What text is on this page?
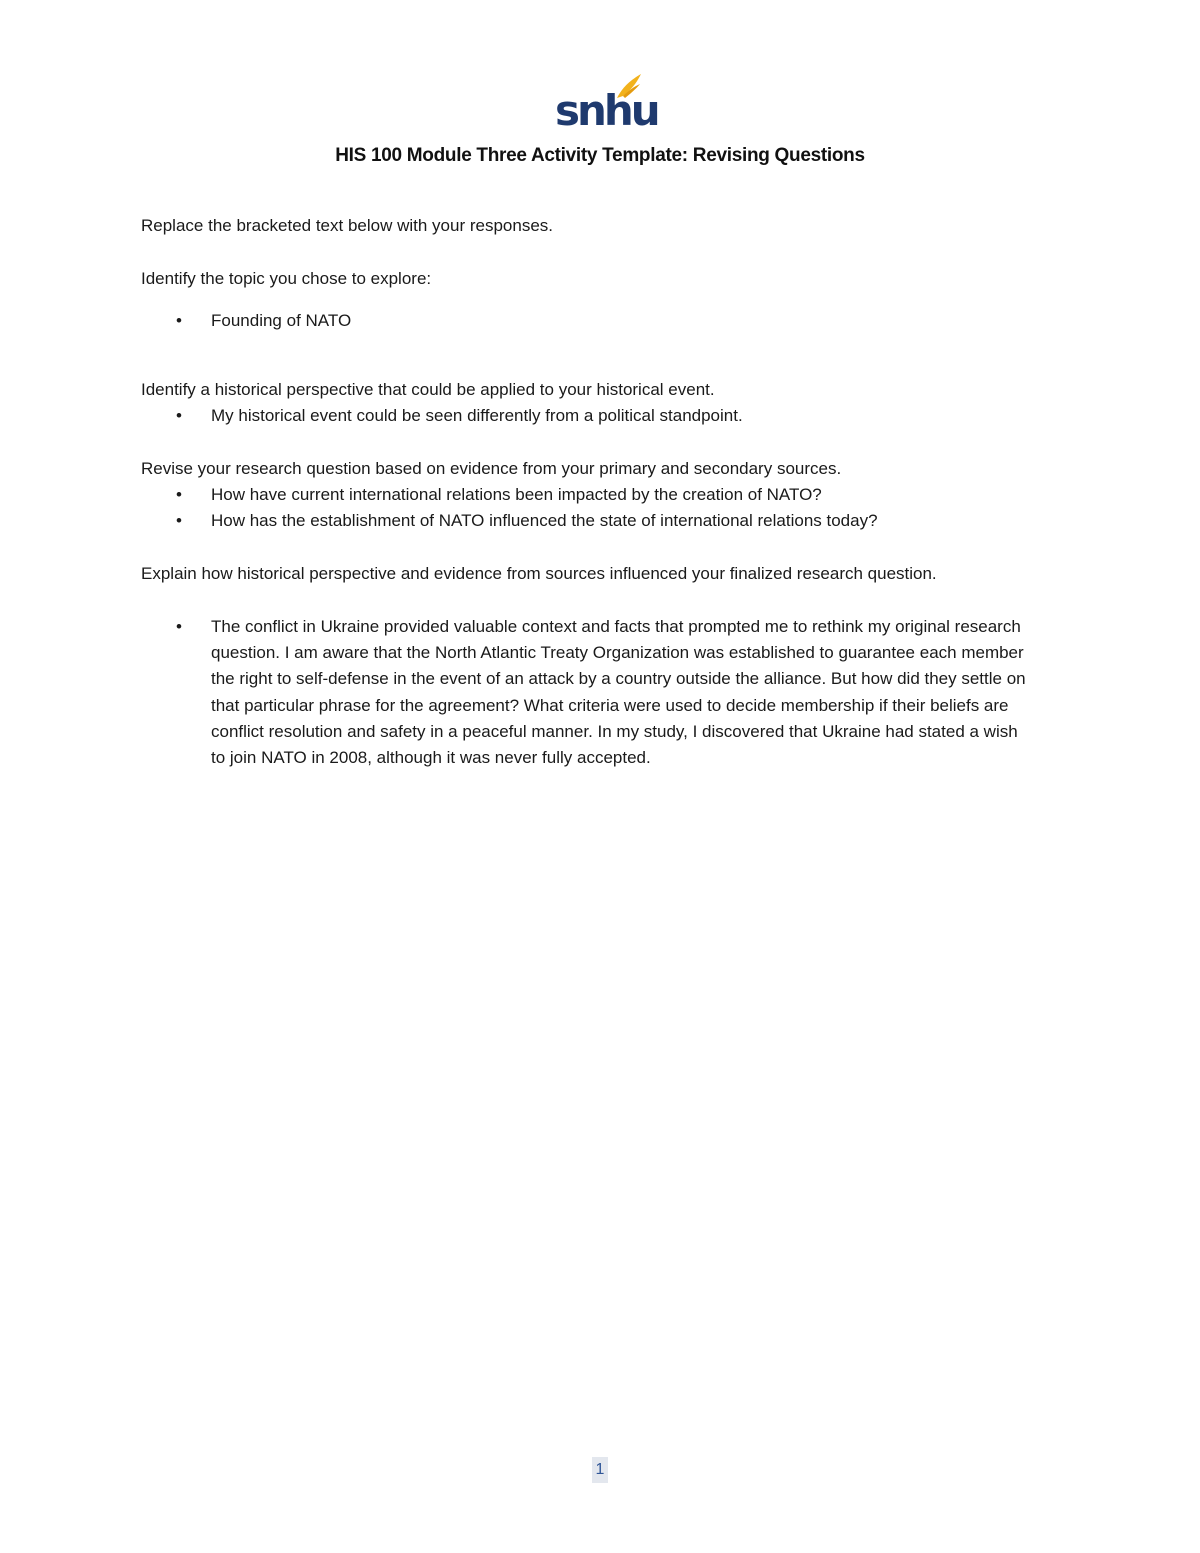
snhu
HIS 100 Module Three Activity Template: Revising Questions
Replace the bracketed text below with your responses.
Identify the topic you chose to explore:
•	Founding of NATO
Identify a historical perspective that could be applied to your historical event.
•	My historical event could be seen differently from a political standpoint.
Revise your research question based on evidence from your primary and secondary sources.
•	How have current international relations been impacted by the creation of NATO?
•	How has the establishment of NATO influenced the state of international relations today?
Explain how historical perspective and evidence from sources influenced your finalized research question.
•	The conflict in Ukraine provided valuable context and facts that prompted me to rethink my original research question. I am aware that the North Atlantic Treaty Organization was established to guarantee each member the right to self-defense in the event of an attack by a country outside the alliance. But how did they settle on that particular phrase for the agreement? What criteria were used to decide membership if their beliefs are conflict resolution and safety in a peaceful manner. In my study, I discovered that Ukraine had stated a wish to join NATO in 2008, although it was never fully accepted.
1
